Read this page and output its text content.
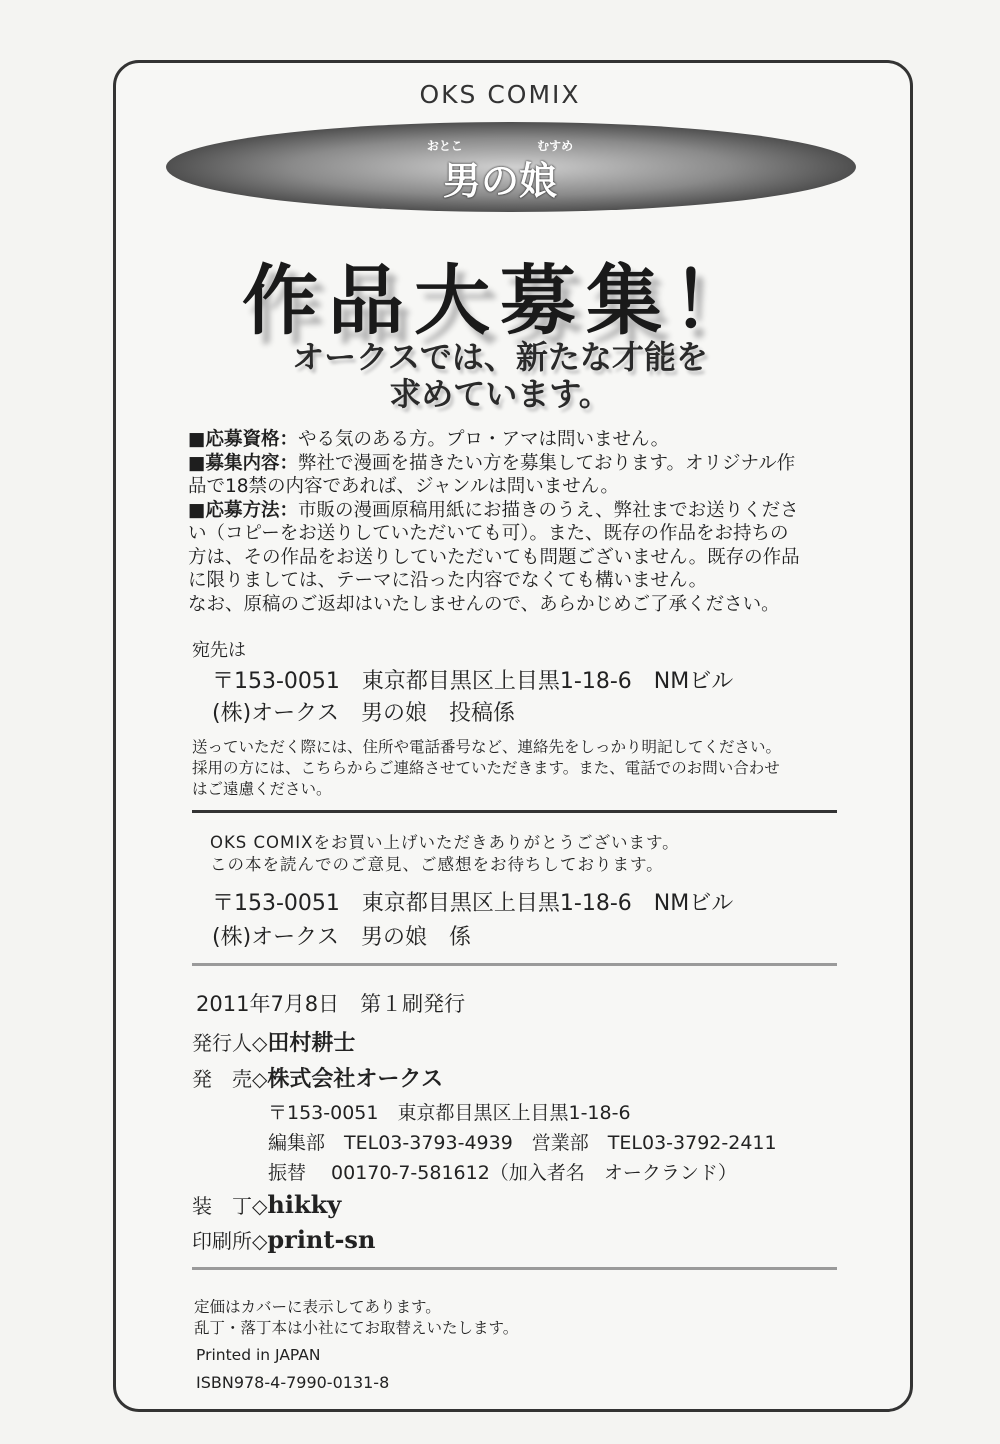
OKS COMIX
おとこ むすめ
男の娘
作品大募集！
オークスでは、新たな才能を
求めています。
■応募資格：やる気のある方。プロ・アマは問いません。
■募集内容：弊社で漫画を描きたい方を募集しております。オリジナル作
品で18禁の内容であれば、ジャンルは問いません。
■応募方法：市販の漫画原稿用紙にお描きのうえ、弊社までお送りくださ
い（コピーをお送りしていただいても可）。また、既存の作品をお持ちの
方は、その作品をお送りしていただいても問題ございません。既存の作品
に限りましては、テーマに沿った内容でなくても構いません。
なお、原稿のご返却はいたしませんので、あらかじめご了承ください。
宛先は
〒153-0051　東京都目黒区上目黒1-18-6　NMビル
(株)オークス　男の娘　投稿係
送っていただく際には、住所や電話番号など、連絡先をしっかり明記してください。
採用の方には、こちらからご連絡させていただきます。また、電話でのお問い合わせ
はご遠慮ください。
OKS COMIXをお買い上げいただきありがとうございます。
この本を読んでのご意見、ご感想をお待ちしております。
〒153-0051　東京都目黒区上目黒1-18-6　NMビル
(株)オークス　男の娘　係
2011年7月8日　第１刷発行
発行人◇田村耕士
発　売◇株式会社オークス
〒153-0051　東京都目黒区上目黒1-18-6
編集部　TEL03-3793-4939　営業部　TEL03-3792-2411
振替　 00170-7-581612（加入者名　オークランド）
装　丁◇hikky
印刷所◇print-sn
定価はカバーに表示してあります。
乱丁・落丁本は小社にてお取替えいたします。
Printed in JAPAN
ISBN978-4-7990-0131-8
